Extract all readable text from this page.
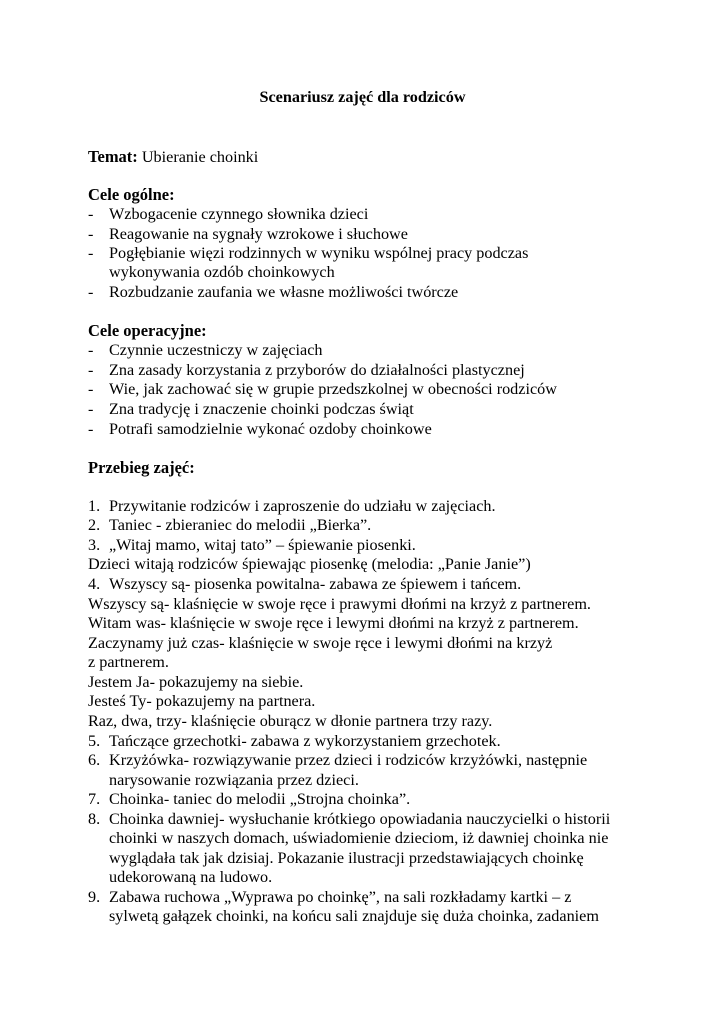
Scenariusz zajęć dla rodziców
Temat: Ubieranie choinki
Cele ogólne:
- Wzbogacenie czynnego słownika dzieci
- Reagowanie na sygnały wzrokowe i słuchowe
- Pogłębianie więzi rodzinnych w wyniku wspólnej pracy podczas
wykonywania ozdób choinkowych
- Rozbudzanie zaufania we własne możliwości twórcze
Cele operacyjne:
- Czynnie uczestniczy w zajęciach
- Zna zasady korzystania z przyborów do działalności plastycznej
- Wie, jak zachować się w grupie przedszkolnej w obecności rodziców
- Zna tradycję i znaczenie choinki podczas świąt
- Potrafi samodzielnie wykonać ozdoby choinkowe
Przebieg zajęć:
1. Przywitanie rodziców i zaproszenie do udziału w zajęciach.
2. Taniec - zbieraniec do melodii „Bierka”.
3. „Witaj mamo, witaj tato” – śpiewanie piosenki.
Dzieci witają rodziców śpiewając piosenkę (melodia: „Panie Janie”)
4. Wszyscy są- piosenka powitalna- zabawa ze śpiewem i tańcem.
Wszyscy są- klaśnięcie w swoje ręce i prawymi dłońmi na krzyż z partnerem.
Witam was- klaśnięcie w swoje ręce i lewymi dłońmi na krzyż z partnerem.
Zaczynamy już czas- klaśnięcie w swoje ręce i lewymi dłońmi na krzyż
z partnerem.
Jestem Ja- pokazujemy na siebie.
Jesteś Ty- pokazujemy na partnera.
Raz, dwa, trzy- klaśnięcie oburącz w dłonie partnera trzy razy.
5. Tańczące grzechotki- zabawa z wykorzystaniem grzechotek.
6. Krzyżówka- rozwiązywanie przez dzieci i rodziców krzyżówki, następnie
narysowanie rozwiązania przez dzieci.
7. Choinka- taniec do melodii „Strojna choinka”.
8. Choinka dawniej- wysłuchanie krótkiego opowiadania nauczycielki o historii
choinki w naszych domach, uświadomienie dzieciom, iż dawniej choinka nie
wyglądała tak jak dzisiaj. Pokazanie ilustracji przedstawiających choinkę
udekorowaną na ludowo.
9. Zabawa ruchowa „Wyprawa po choinkę”, na sali rozkładamy kartki – z
sylwetą gałązek choinki, na końcu sali znajduje się duża choinka, zadaniem
